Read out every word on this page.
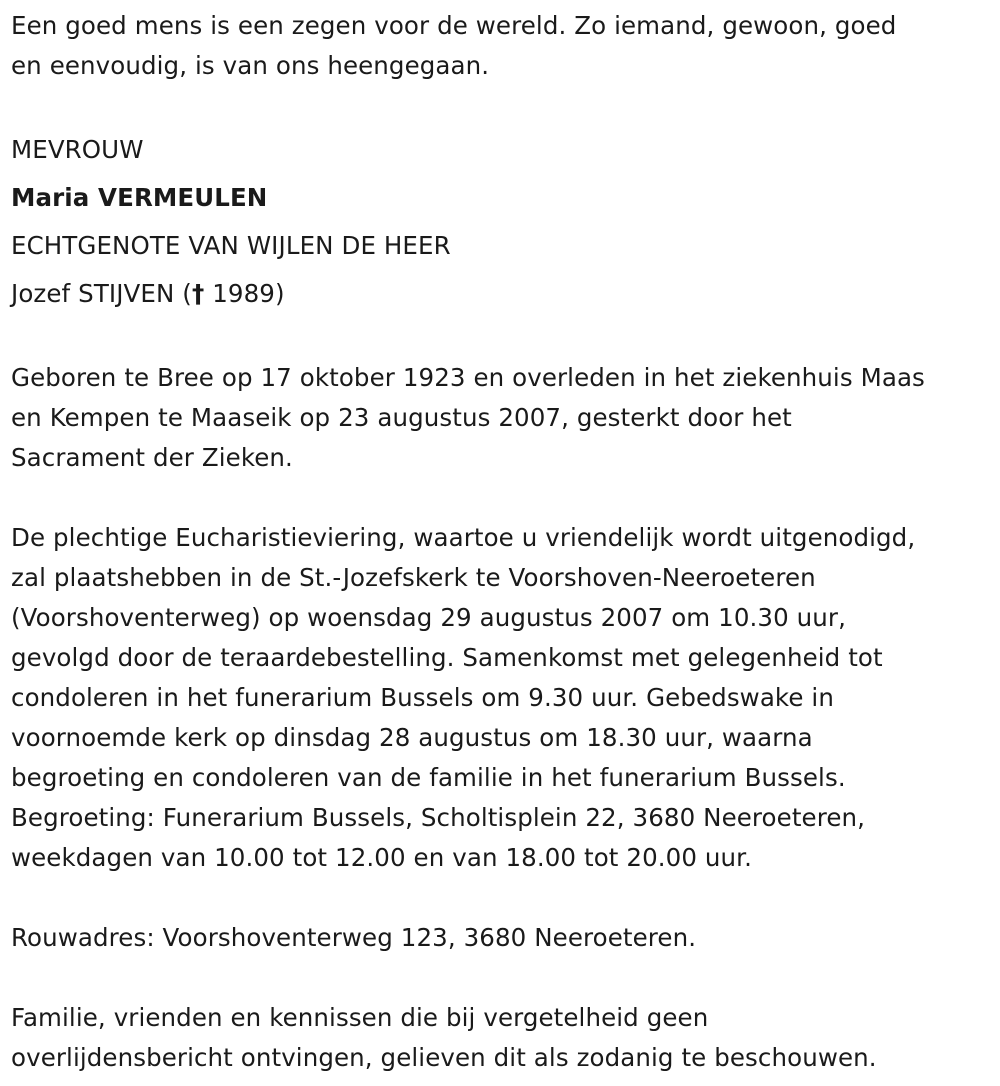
Een goed mens is een zegen voor de wereld. Zo iemand, gewoon, goed

en eenvoudig, is van ons heengegaan.

MEVROUW

Maria VERMEULEN

ECHTGENOTE VAN WIJLEN DE HEER

Jozef STIJVEN († 1989)

Geboren te Bree op 17 oktober 1923 en overleden in het ziekenhuis Maas

en Kempen te Maaseik op 23 augustus 2007, gesterkt door het

Sacrament der Zieken.

De plechtige Eucharistieviering, waartoe u vriendelijk wordt uitgenodigd,

zal plaatshebben in de St.-Jozefskerk te Voorshoven-Neeroeteren

(Voorshoventerweg) op woensdag 29 augustus 2007 om 10.30 uur,

gevolgd door de teraardebestelling. Samenkomst met gelegenheid tot

condoleren in het funerarium Bussels om 9.30 uur. Gebedswake in

voornoemde kerk op dinsdag 28 augustus om 18.30 uur, waarna

begroeting en condoleren van de familie in het funerarium Bussels.

Begroeting: Funerarium Bussels, Scholtisplein 22, 3680 Neeroeteren,

weekdagen van 10.00 tot 12.00 en van 18.00 tot 20.00 uur.

Rouwadres: Voorshoventerweg 123, 3680 Neeroeteren.

Familie, vrienden en kennissen die bij vergetelheid geen

overlijdensbericht ontvingen, gelieven dit als zodanig te beschouwen.
